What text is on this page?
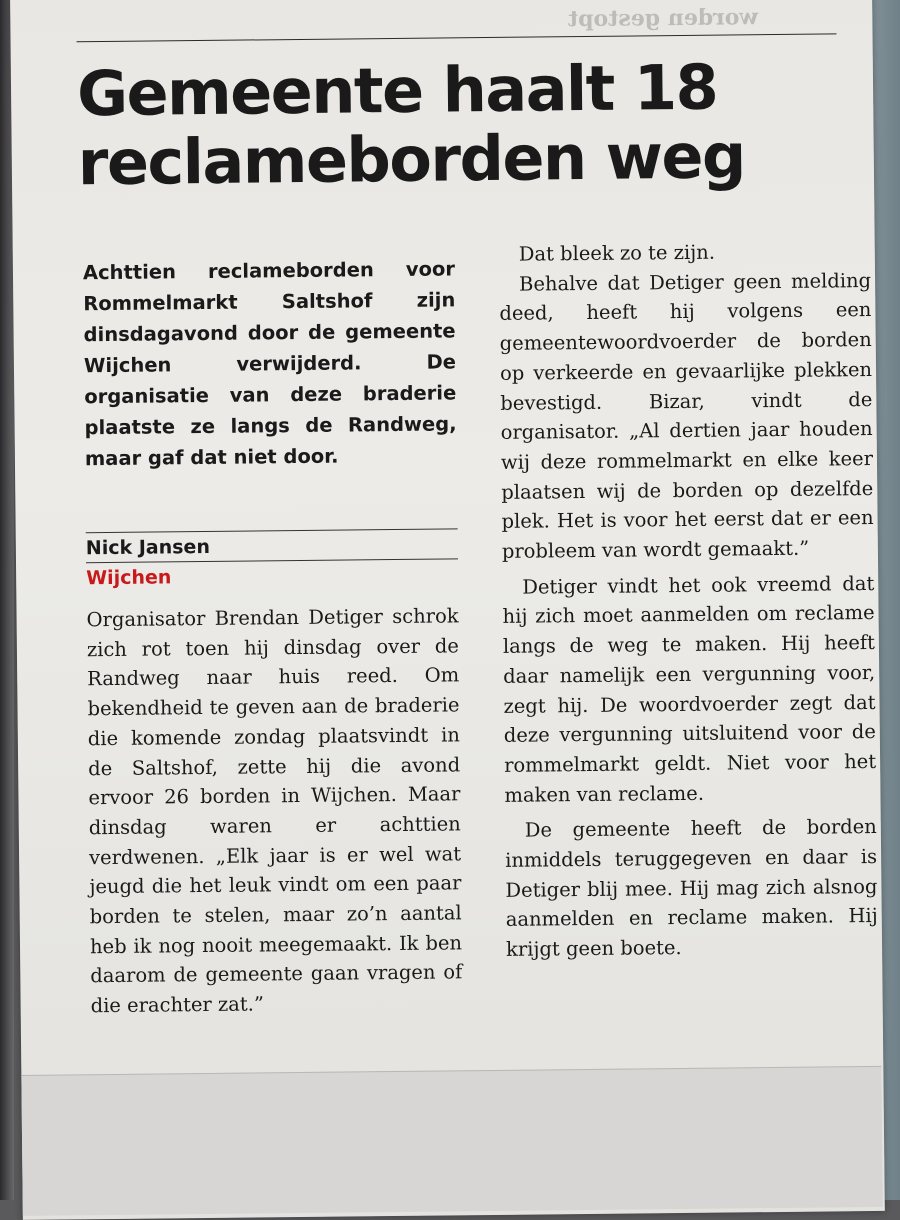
worden gestopt
Gemeente haalt 18 reclameborden weg

Achttien reclameborden voor Rommelmarkt Saltshof zijn dinsdagavond door de gemeente Wijchen verwijderd. De organisatie van deze braderie plaatste ze langs de Randweg, maar gaf dat niet door.

Nick Jansen
Wijchen

Organisator Brendan Detiger schrok zich rot toen hij dinsdag over de Randweg naar huis reed. Om bekendheid te geven aan de braderie die komende zondag plaatsvindt in de Saltshof, zette hij die avond ervoor 26 borden in Wijchen. Maar dinsdag waren er achttien verdwenen. „Elk jaar is er wel wat jeugd die het leuk vindt om een paar borden te stelen, maar zo’n aantal heb ik nog nooit meegemaakt. Ik ben daarom de gemeente gaan vragen of die erachter zat.”

Dat bleek zo te zijn.

Behalve dat Detiger geen melding deed, heeft hij volgens een gemeentewoordvoerder de borden op verkeerde en gevaarlijke plekken bevestigd. Bizar, vindt de organisator. „Al dertien jaar houden wij deze rommelmarkt en elke keer plaatsen wij de borden op dezelfde plek. Het is voor het eerst dat er een probleem van wordt gemaakt.”

Detiger vindt het ook vreemd dat hij zich moet aanmelden om reclame langs de weg te maken. Hij heeft daar namelijk een vergunning voor, zegt hij. De woordvoerder zegt dat deze vergunning uitsluitend voor de rommelmarkt geldt. Niet voor het maken van reclame.

De gemeente heeft de borden inmiddels teruggegeven en daar is Detiger blij mee. Hij mag zich alsnog aanmelden en reclame maken. Hij krijgt geen boete.
